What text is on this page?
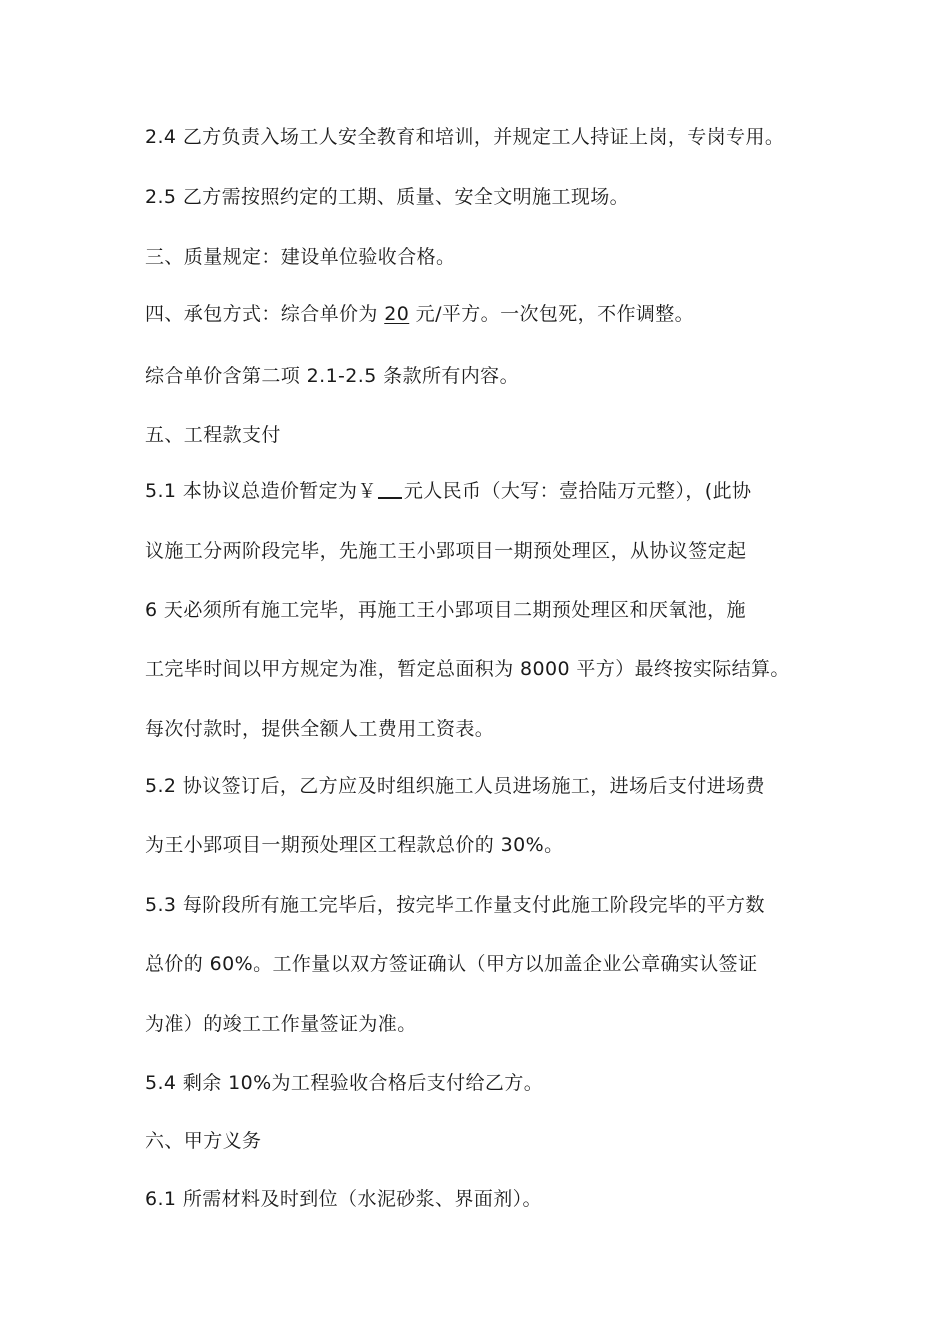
2.4 乙方负责入场工人安全教育和培训，并规定工人持证上岗，专岗专用。
2.5 乙方需按照约定的工期、质量、安全文明施工现场。
三、质量规定：建设单位验收合格。
四、承包方式：综合单价为 20 元/平方。一次包死，不作调整。
综合单价含第二项 2.1-2.5 条款所有内容。
五、工程款支付
5.1 本协议总造价暂定为￥ 元人民币（大写：壹拾陆万元整），(此协
议施工分两阶段完毕，先施工王小郢项目一期预处理区，从协议签定起
6 天必须所有施工完毕，再施工王小郢项目二期预处理区和厌氧池，施
工完毕时间以甲方规定为准，暂定总面积为 8000 平方）最终按实际结算。
每次付款时，提供全额人工费用工资表。
5.2 协议签订后，乙方应及时组织施工人员进场施工，进场后支付进场费
为王小郢项目一期预处理区工程款总价的 30%。
5.3 每阶段所有施工完毕后，按完毕工作量支付此施工阶段完毕的平方数
总价的 60%。工作量以双方签证确认（甲方以加盖企业公章确实认签证
为准）的竣工工作量签证为准。
5.4 剩余 10%为工程验收合格后支付给乙方。
六、甲方义务
6.1 所需材料及时到位（水泥砂浆、界面剂）。
